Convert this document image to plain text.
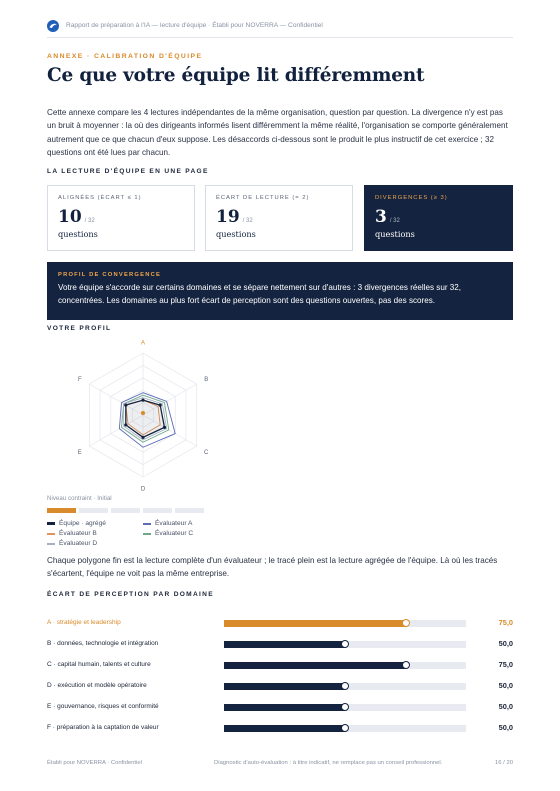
Rapport de préparation à l'IA — lecture d'équipe · Établi pour NOVERRA — Confidentiel
ANNEXE · CALIBRATION D'ÉQUIPE
Ce que votre équipe lit différemment
Cette annexe compare les 4 lectures indépendantes de la même organisation, question par question. La divergence n'y est pas un bruit à moyenner : la où des dirigeants informés lisent différemment la même réalité, l'organisation se comporte généralement autrement que ce que chacun d'eux suppose. Les désaccords ci-dessous sont le produit le plus instructif de cet exercice ; 32 questions ont été lues par chacun.
LA LECTURE D'ÉQUIPE EN UNE PAGE
ALIGNÉES (ÉCART ≤ 1)
10 / 32
questions
ÉCART DE LECTURE (= 2)
19 / 32
questions
DIVERGENCES (≥ 3)
3 / 32
questions
PROFIL DE CONVERGENCE
Votre équipe s'accorde sur certains domaines et se sépare nettement sur d'autres : 3 divergences réelles sur 32, concentrées. Les domaines au plus fort écart de perception sont des questions ouvertes, pas des scores.
VOTRE PROFIL
A
B
C
D
E
F
Niveau contraint · Initial
Équipe · agrégé	Évaluateur A
Évaluateur B	Évaluateur C
Évaluateur D
Chaque polygone fin est la lecture complète d'un évaluateur ; le tracé plein est la lecture agrégée de l'équipe. Là où les tracés s'écartent, l'équipe ne voit pas la même entreprise.
ÉCART DE PERCEPTION PAR DOMAINE
A · stratégie et leadership	75,0
B · données, technologie et intégration	50,0
C · capital humain, talents et culture	75,0
D · exécution et modèle opératoire	50,0
E · gouvernance, risques et conformité	50,0
F · préparation à la captation de valeur	50,0
Établi pour NOVERRA · Confidentiel	Diagnostic d'auto-évaluation : à titre indicatif, ne remplace pas un conseil professionnel.	16 / 20
